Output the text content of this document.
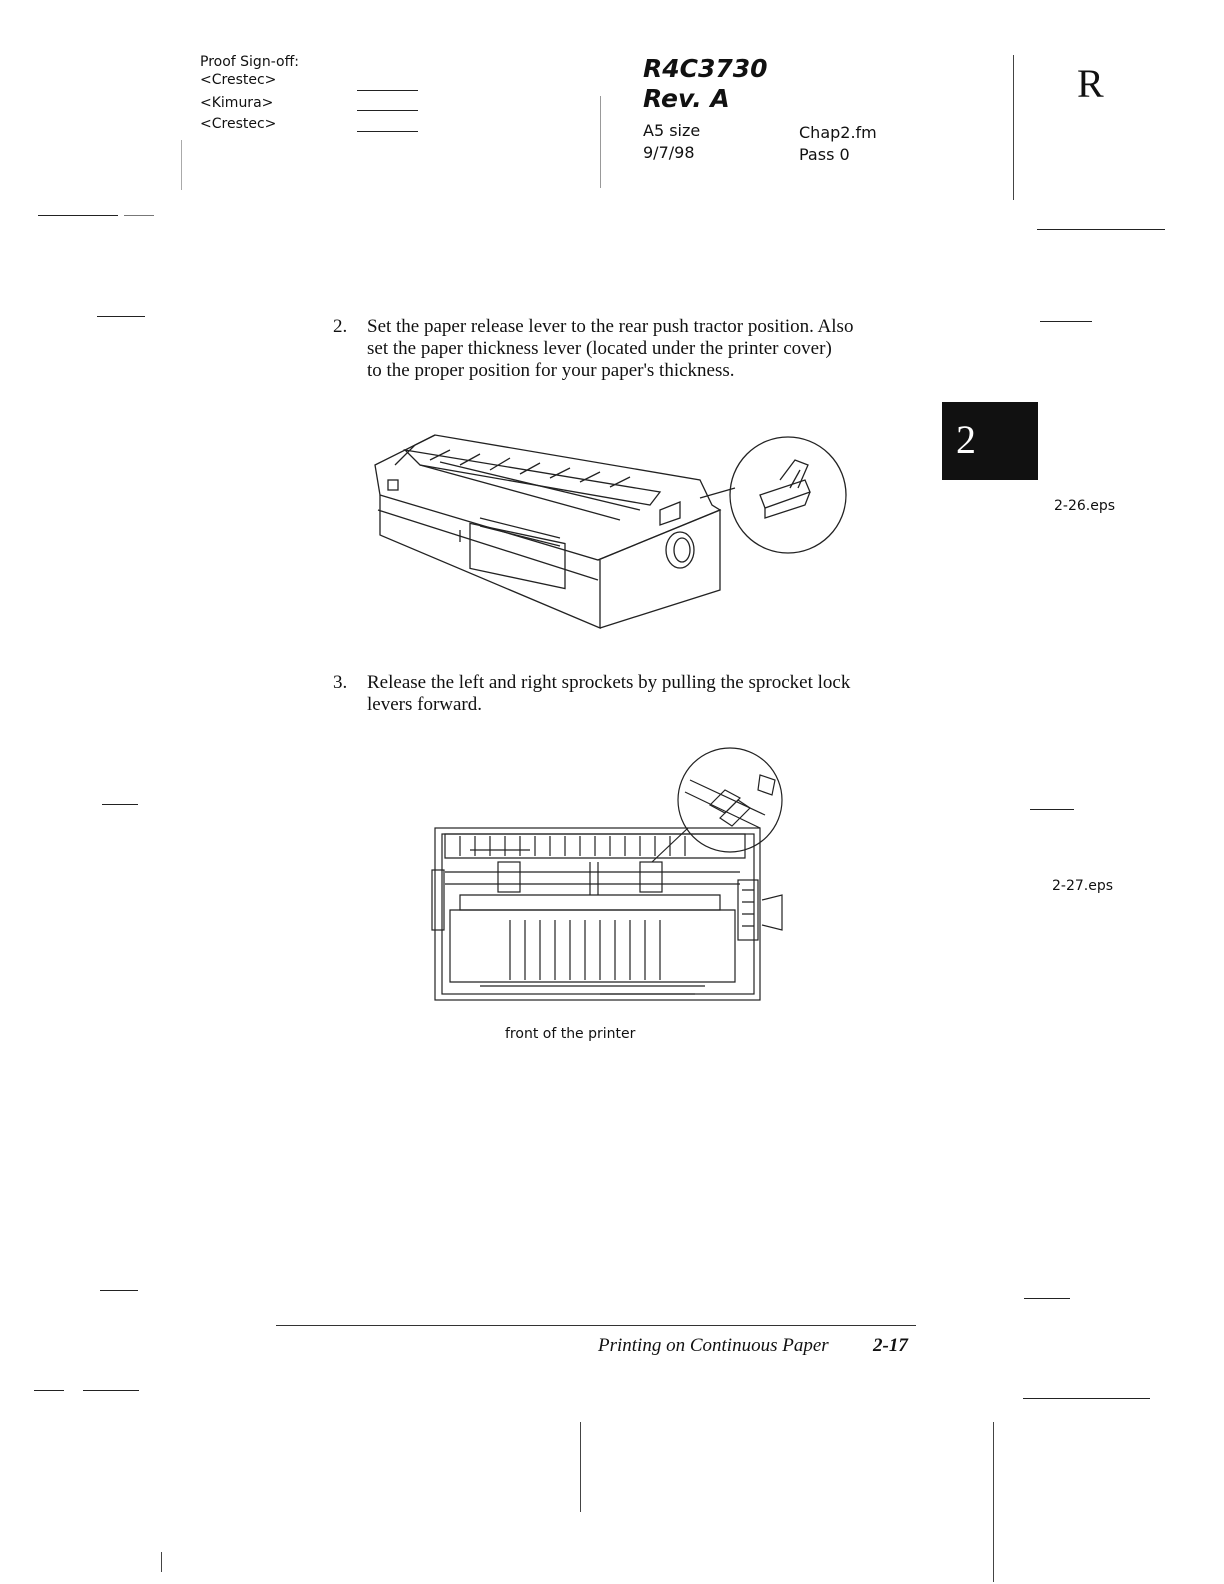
Proof Sign-off:
<Crestec>
<Kimura>
<Crestec>
R4C3730
Rev. A
A5 size
9/7/98
Chap2.fm
Pass 0
R
2
2. Set the paper release lever to the rear push tractor position. Also
set the paper thickness lever (located under the printer cover)
to the proper position for your paper's thickness.
2-26.eps
3. Release the left and right sprockets by pulling the sprocket lock
levers forward.
front of the printer
2-27.eps
Printing on Continuous Paper 2-17
